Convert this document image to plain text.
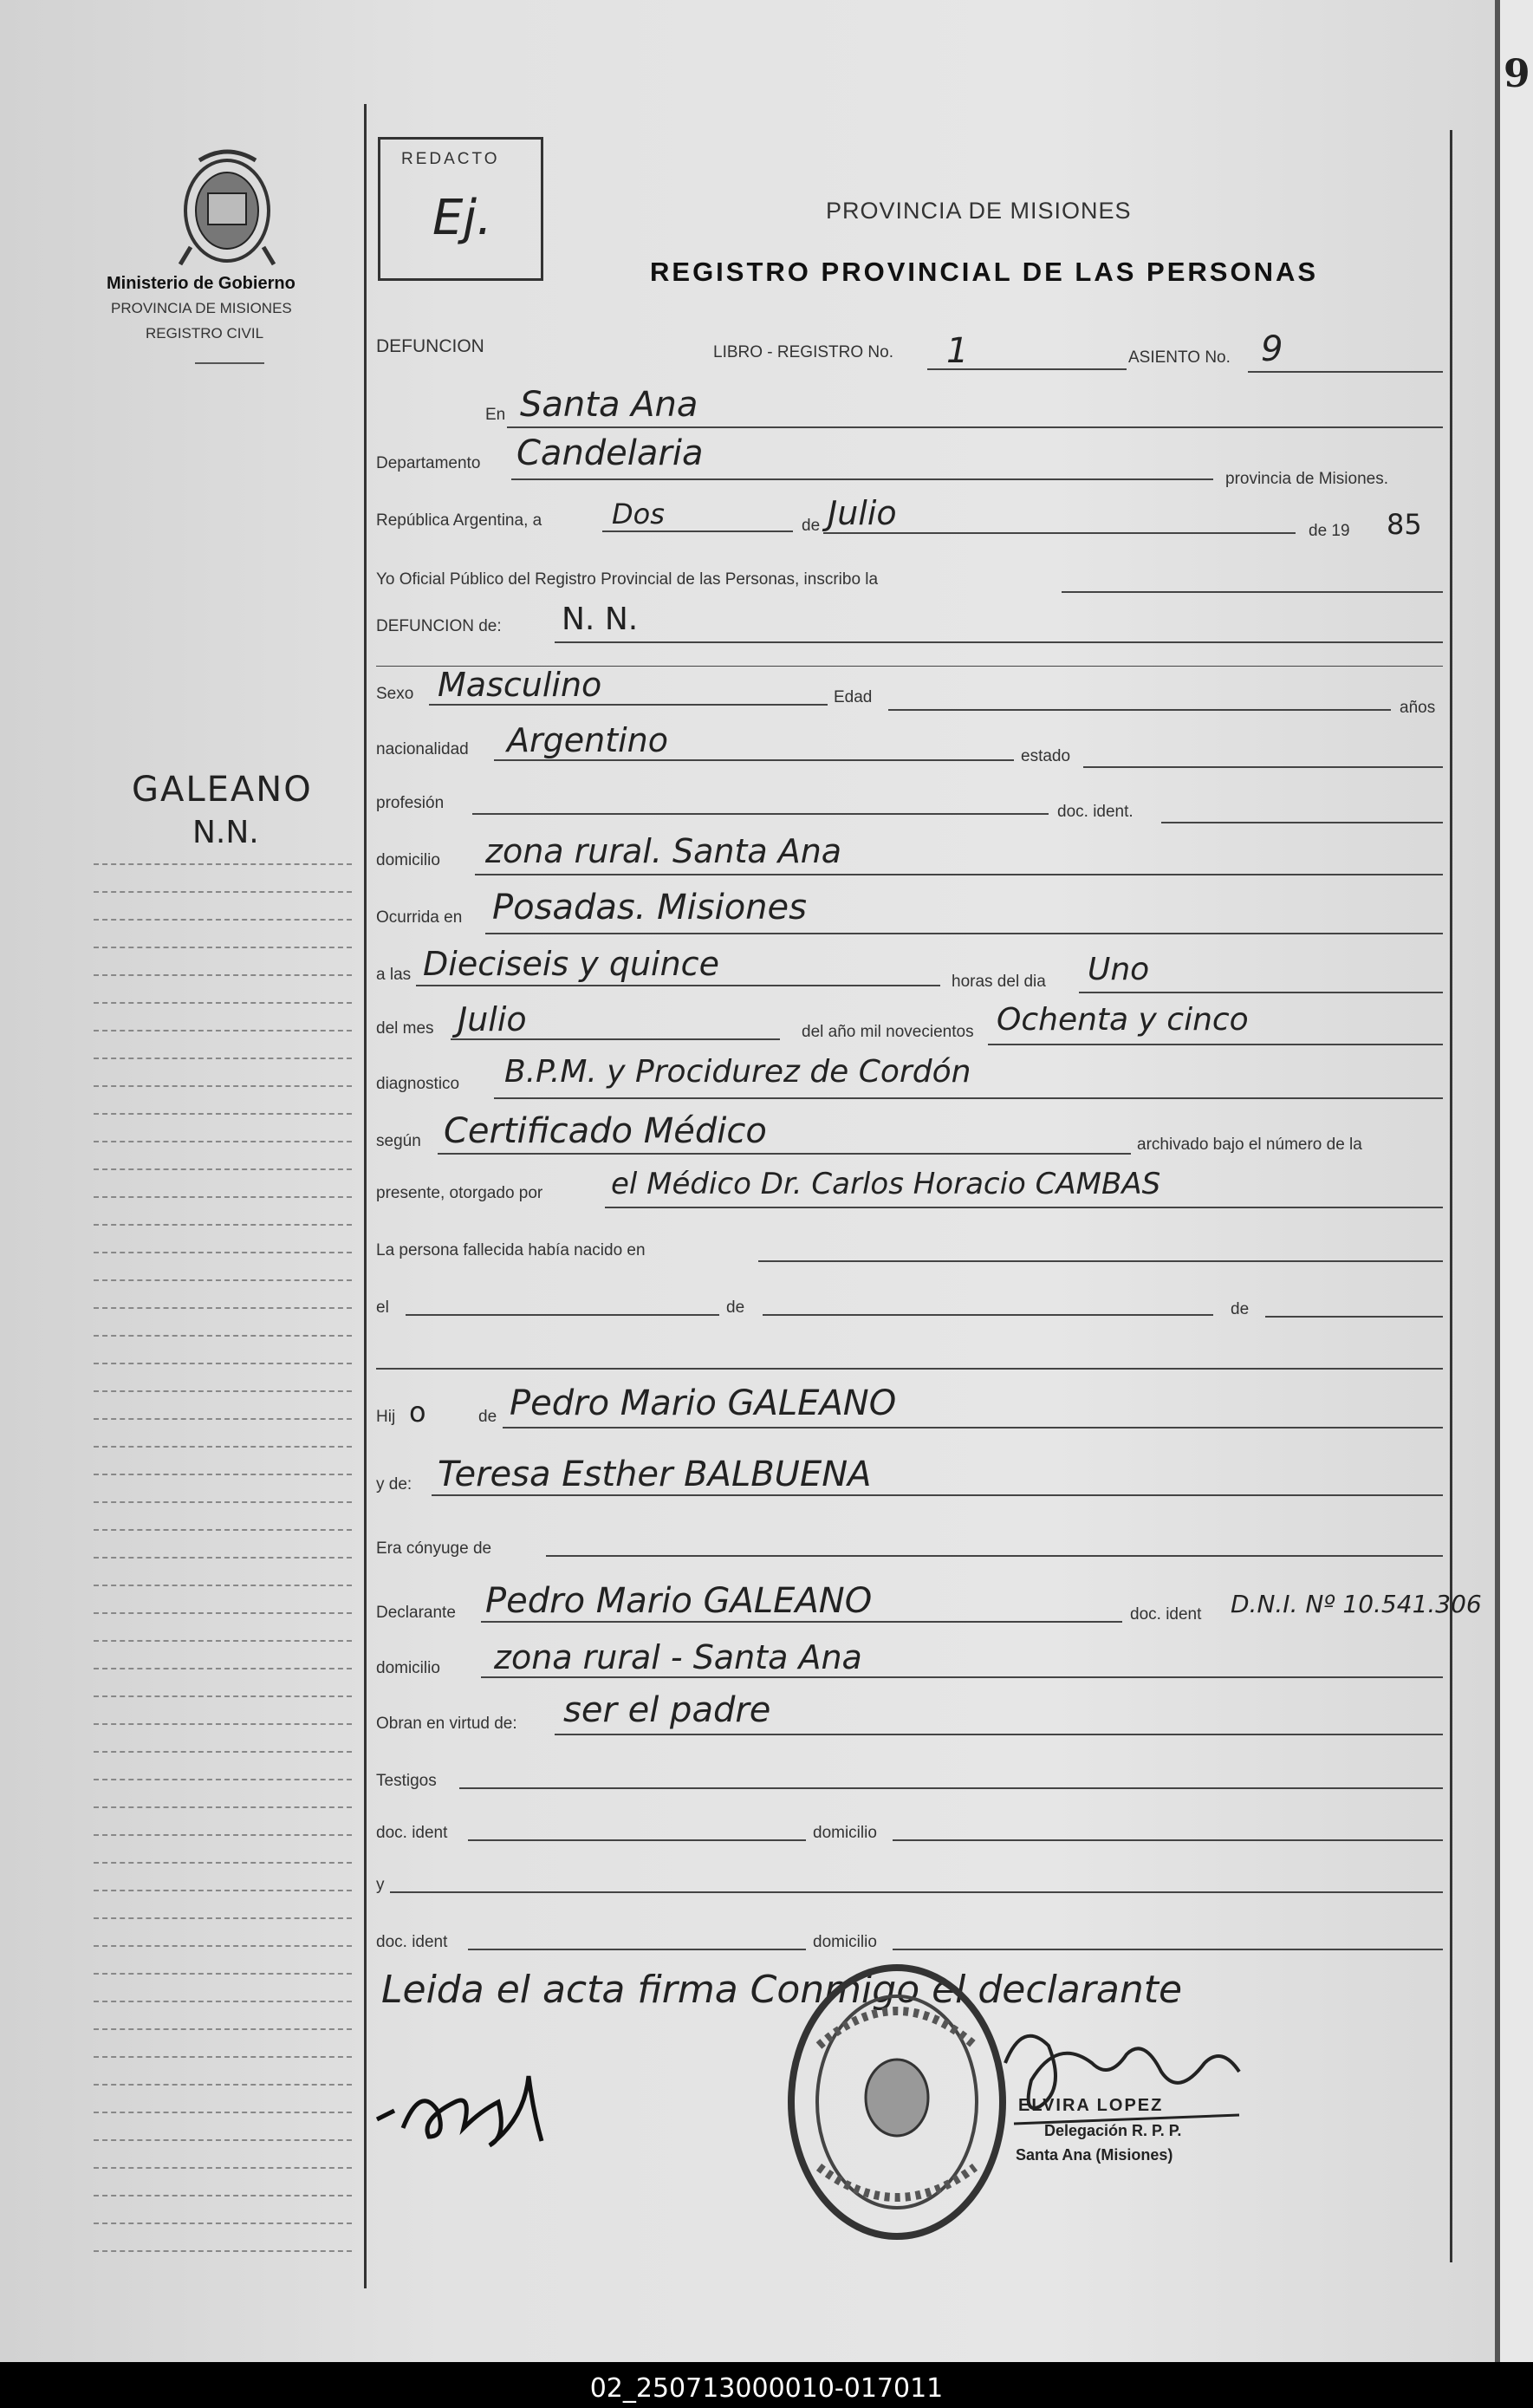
9
Ministerio de Gobierno
PROVINCIA DE MISIONES
REGISTRO CIVIL
REDACTO
Ej.	PROVINCIA DE MISIONES
REGISTRO PROVINCIAL DE LAS PERSONAS
DEFUNCION	LIBRO - REGISTRO No. 1	ASIENTO No. 9
En Santa Ana
Departamento Candelaria
provincia de Misiones.
República Argentina, a	Dos	de Julio	de 19 85
Yo Oficial Público del Registro Provincial de las Personas, inscribo la
DEFUNCION de: N. N.
Sexo Masculino	Edad
años
nacionalidad Argentino	estado
profesión	doc. ident.
domicilio zona rural. Santa Ana
Ocurrida en Posadas. Misiones
a las Dieciseis y quince	horas del dia Uno
del mes Julio	del año mil novecientos Ochenta y cinco
diagnostico B.P.M. y Procidurez de Cordón
según Certificado Médico	archivado bajo el número de la
presente, otorgado por el Médico Dr. Carlos Horacio CAMBAS
La persona fallecida había nacido en
el	de	de
Hij o	de Pedro Mario GALEANO
y de: Teresa Esther BALBUENA
Era cónyuge de
Declarante Pedro Mario GALEANO	doc. ident D.N.I. Nº 10.541.306
domicilio zona rural - Santa Ana
Obran en virtud de: ser el padre
Testigos
doc. ident	domicilio
y
doc. ident	domicilio
Leida el acta firma Conmigo el declarante
GALEANO
N.N.
ELVIRA LOPEZ
Delegación R. P. P.
Santa Ana (Misiones)
02_250713000010-017011
